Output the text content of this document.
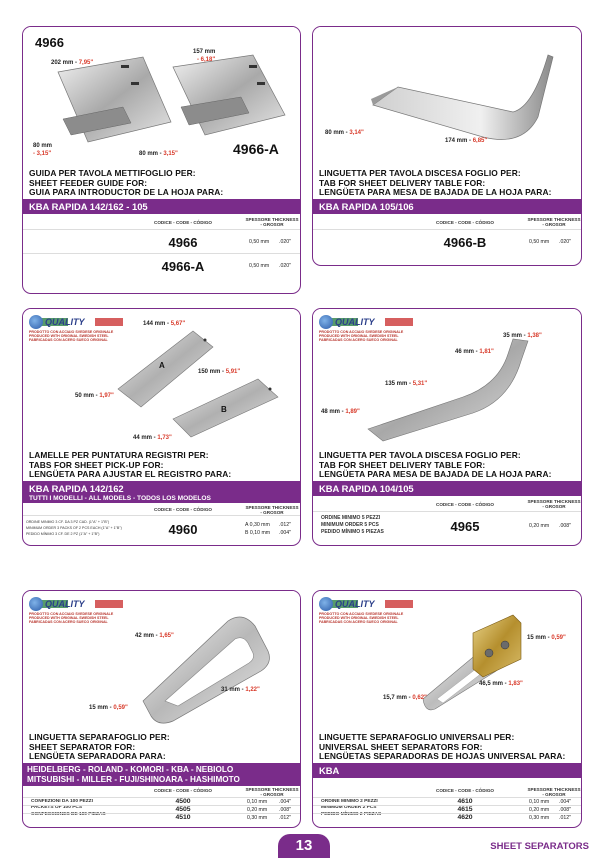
4966
202 mm - 7,95"
157 mm
- 6,18"
80 mm
- 3,15"	80 mm - 3,15"	4966-A
GUIDA PER TAVOLA METTIFOGLIO PER:
SHEET FEEDER GUIDE FOR:
GUIA PARA INTRODUCTOR DE LA HOJA PARA:
KBA RAPIDA 142/162 - 105
CODICE - CODE - CÓDIGO
SPESSORE THICKNESS - GROSOR
4966	0,50 mm .020"
4966-A	0,50 mm .020"
80 mm - 3,14"
174 mm - 6,85"
LINGUETTA PER TAVOLA DISCESA FOGLIO PER:
TAB FOR SHEET DELIVERY TABLE FOR:
LENGÜETA PARA MESA DE BAJADA DE LA HOJA PARA:
KBA RAPIDA 105/106
CODICE - CODE - CÓDIGO
SPESSORE THICKNESS - GROSOR
4966-B	0,50 mm .020"
QUALITY
PRODOTTO CON ACCIAIO SVEDESE ORIGINALE
PRODUCED WITH ORIGINAL SWEDISH STEEL
FABRICADAS CON ACERO SUECO ORIGINAL
144 mm - 5,67"
150 mm - 5,91"
50 mm - 1,97"
44 mm - 1,73"
A
B
LAMELLE PER PUNTATURA REGISTRI PER:
TABS FOR SHEET PICK-UP FOR:
LENGÜETA PARA AJUSTAR EL REGISTRO PARA:
KBA RAPIDA 142/162
TUTTI I MODELLI - ALL MODELS - TODOS LOS MODELOS
CODICE - CODE - CÓDIGO	SPESSORE THICKNESS - GROSOR
ORDINE MINIMO 3 CF. DA 3 PZ CAD. (1"A" + 1"B")
MINIMUM ORDER 3 PACKS OF 2 PCS EACH (1"A" + 1"B")
PEDIDO MÍNIMO 3 CF. DE 2 PZ (1"A" + 1"B")	4960	A 0,30 mm
B 0,10 mm
.012"
.004"
QUALITY
PRODOTTO CON ACCIAIO SVEDESE ORIGINALE
PRODUCED WITH ORIGINAL SWEDISH STEEL
FABRICADAS CON ACERO SUECO ORIGINAL
35 mm - 1,38"
46 mm - 1,81"
135 mm - 5,31"
48 mm - 1,89"
LINGUETTA PER TAVOLA DISCESA FOGLIO PER:
TAB FOR SHEET DELIVERY TABLE FOR:
LENGÜETA PARA MESA DE BAJADA DE LA HOJA PARA:
KBA RAPIDA 104/105
CODICE - CODE - CÓDIGO
SPESSORE THICKNESS - GROSOR
ORDINE MINIMO 5 PEZZI
MINIMUM ORDER 5 PCS
PEDIDO MÍNIMO 5 PIEZAS	4965	0,20 mm .008"
QUALITY
PRODOTTO CON ACCIAIO SVEDESE ORIGINALE
PRODUCED WITH ORIGINAL SWEDISH STEEL
FABRICADAS CON ACERO SUECO ORIGINAL
42 mm - 1,65"
31 mm - 1,22"
15 mm - 0,59"
LINGUETTA SEPARAFOGLIO PER:
SHEET SEPARATOR FOR:
LENGÜETA SEPARADORA PARA:
HEIDELBERG - ROLAND - KOMORI - KBA - NEBIOLO
MITSUBISHI - MILLER - FUJI/SHINOARA - HASHIMOTO
CODICE - CODE - CÓDIGO	SPESSORE THICKNESS - GROSOR
CONFEZIONI DA 100 PEZZI
PACKETS OF 100 PCS
CONFECCIONES DE 100 PIEZAS
4500	0,10 mm .004"
4505	0,20 mm .008"
4510	0,30 mm .012"
QUALITY
PRODOTTO CON ACCIAIO SVEDESE ORIGINALE
PRODUCED WITH ORIGINAL SWEDISH STEEL
FABRICADAS CON ACERO SUECO ORIGINAL
15 mm - 0,59"
15,7 mm - 0,62"
46,5 mm - 1,83"
LINGUETTE SEPARAFOGLIO UNIVERSALI PER:
UNIVERSAL SHEET SEPARATORS FOR:
LENGÜETAS SEPARADORAS DE HOJAS UNIVERSAL PARA:
KBA
CODICE - CODE - CÓDIGO	SPESSORE THICKNESS - GROSOR
ORDINE MINIMO 2 PEZZI
MINIMUM ORDER 2 PCS
PEDIDO MÍNIMO 2 PIEZAS
4610	0,10 mm .004"
4615	0,20 mm .008"
4620	0,30 mm .012"
13	SHEET SEPARATORS
